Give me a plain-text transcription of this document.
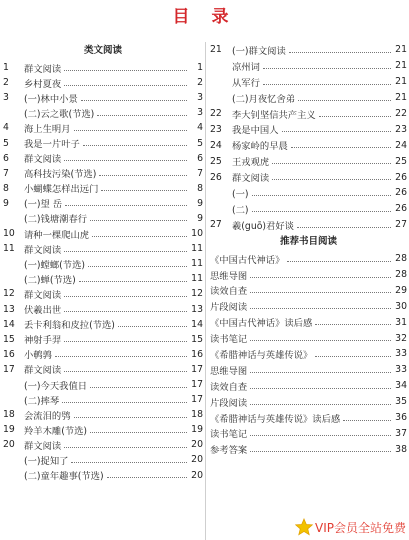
目 录
类文阅读
1	群文阅读	1
2	乡村夏夜	2
3	(一)林中小景	3
(二)云之歌(节选)	3
4	海上生明月	4
5	我是一片叶子	5
6	群文阅读	6
7	高科技污染(节选)	7
8	小蝴蝶怎样出远门	8
9	(一)望 岳	9
(二)钱塘潮春行	9
10 请种一棵爬山虎	10
11 群文阅读	11
(一)螳螂(节选)	11
(二)蝉(节选)	11
12 群文阅读	12
13 伏羲出世	13
14 丢卡利翁和皮拉(节选)	14
15 神射手羿	15
16 小鹌鹑	16
17 群文阅读	17
(一)今天我值日	17
(二)摔琴	17
18 会流泪的鸮	18
19 羚羊木雕(节选)	19
20 群文阅读	20
(一)捉知了	20
(二)童年趣事(节选)	20
21	(一)群文阅读	21
凉州词	21
从军行	21
(二)月夜忆舍弟	21
22	李大钊坚信共产主义	22
23	我是中国人	23
24	杨家岭的早晨	24
25	王戎观虎	25
26	群文阅读	26
(一)	26
(二)	26
27	羲(guō)君好谈	27
推荐书目阅读
《中国古代神话》	28
思维导图	28
读效自查	29
片段阅读	30
《中国古代神话》读后感	31
读书笔记	32
《希腊神话与英雄传说》	33
思维导图	33
读效自查	34
片段阅读	35
《希腊神话与英雄传说》读后感	36
读书笔记	37
参考答案	38
VIP会员全站免费
